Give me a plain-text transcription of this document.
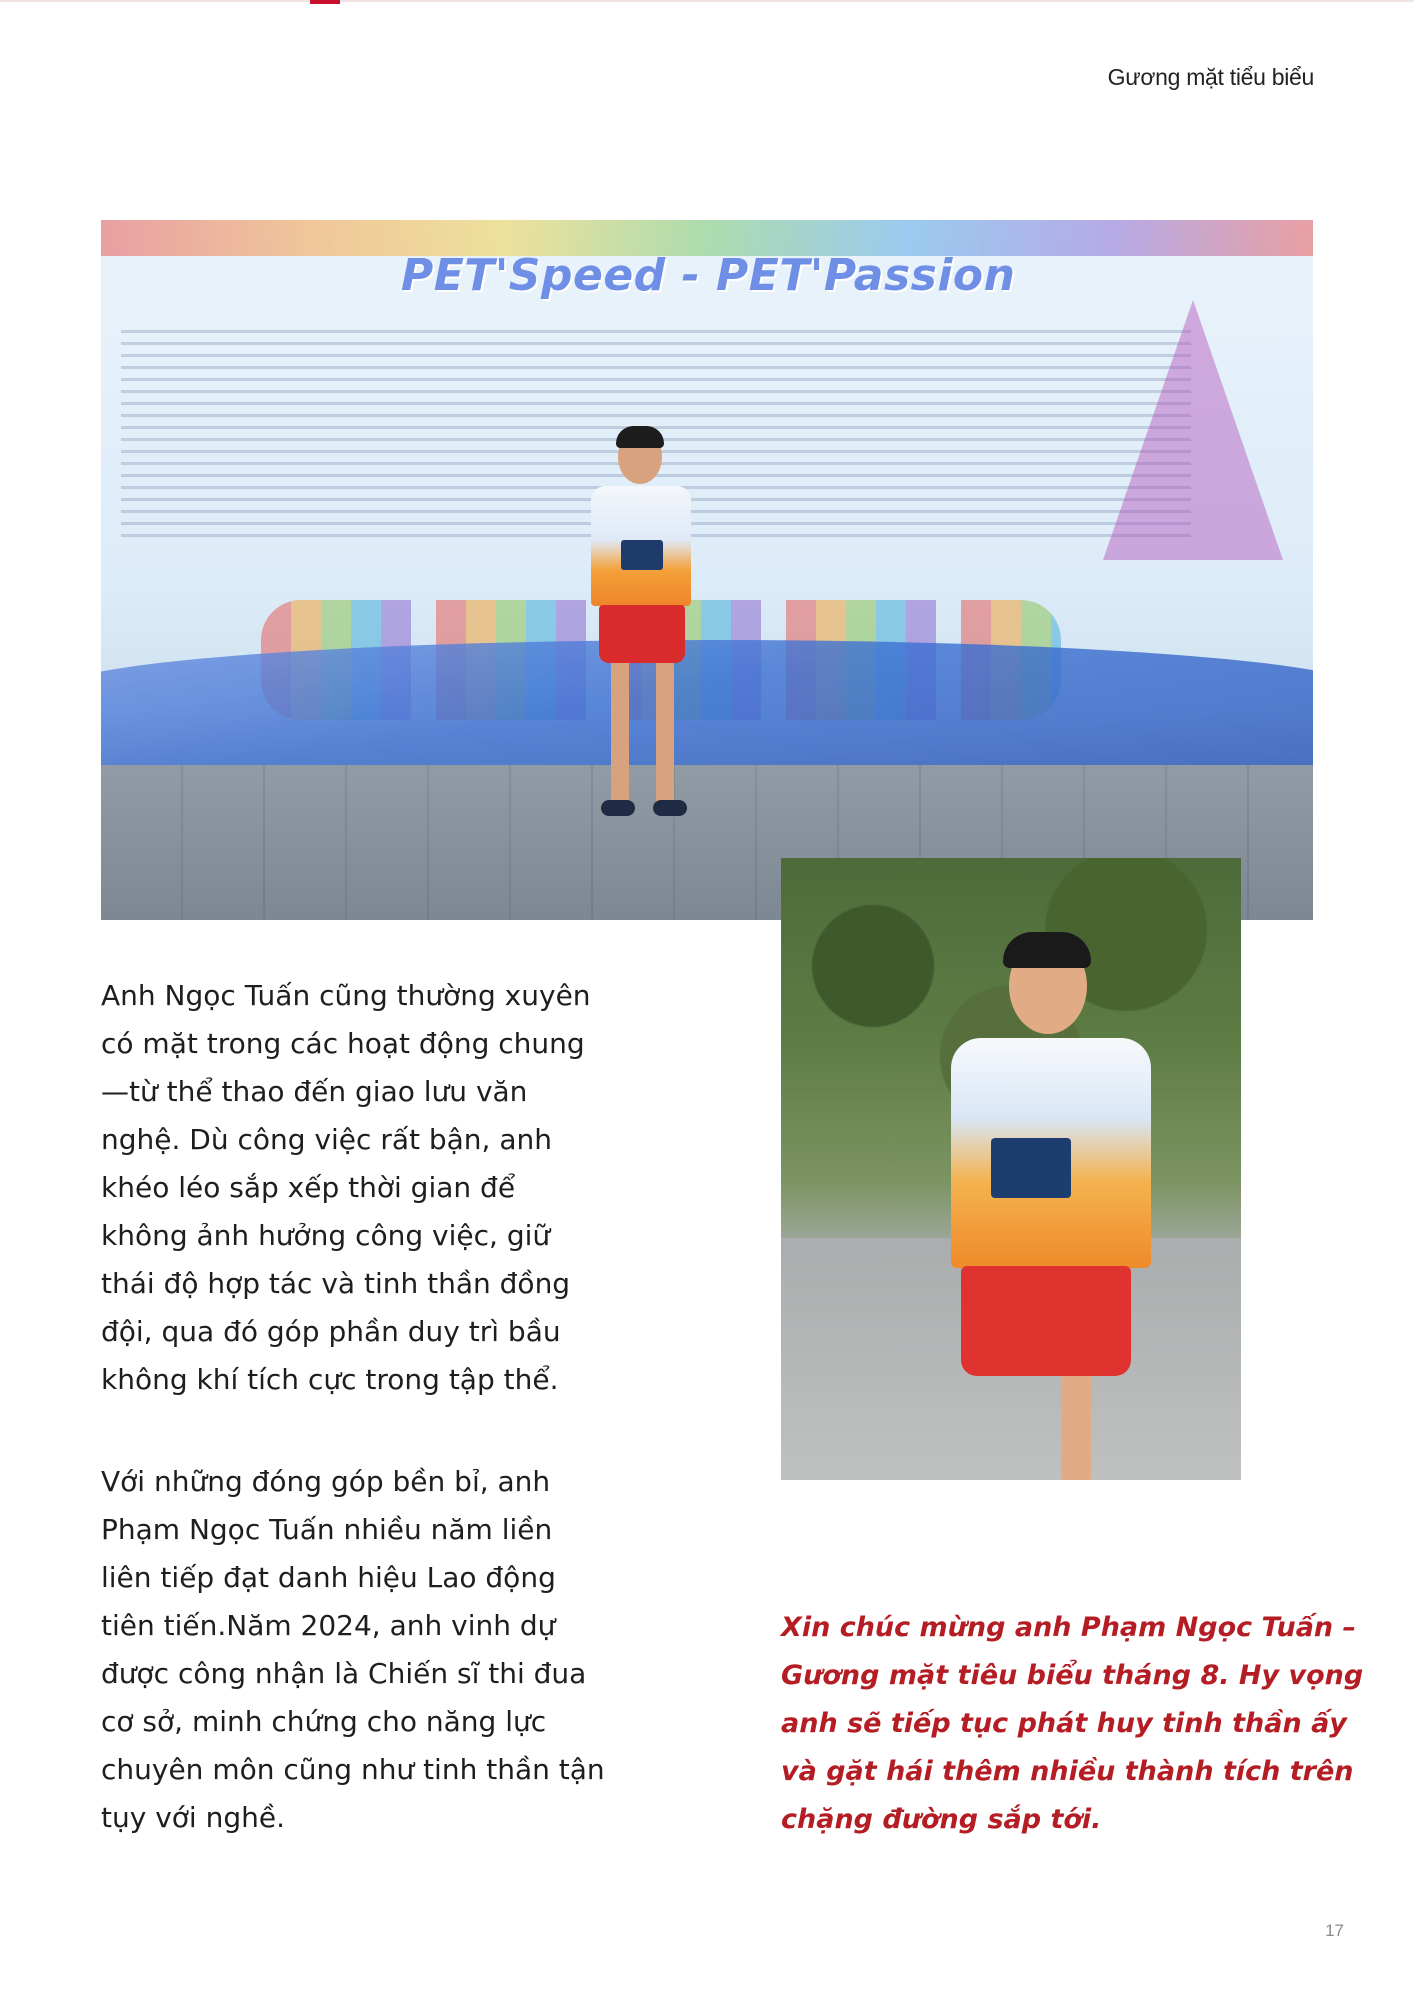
Gương mặt tiểu biểu
PET'Speed - PET'Passion
Anh Ngọc Tuấn cũng thường xuyên
có mặt trong các hoạt động chung
—từ thể thao đến giao lưu văn
nghệ. Dù công việc rất bận, anh
khéo léo sắp xếp thời gian để
không ảnh hưởng công việc, giữ
thái độ hợp tác và tinh thần đồng
đội, qua đó góp phần duy trì bầu
không khí tích cực trong tập thể.
Với những đóng góp bền bỉ, anh
Phạm Ngọc Tuấn nhiều năm liền
liên tiếp đạt danh hiệu Lao động
tiên tiến.Năm 2024, anh vinh dự
được công nhận là Chiến sĩ thi đua
cơ sở, minh chứng cho năng lực
chuyên môn cũng như tinh thần tận
tụy với nghề.
Xin chúc mừng anh Phạm Ngọc Tuấn –
Gương mặt tiêu biểu tháng 8. Hy vọng
anh sẽ tiếp tục phát huy tinh thần ấy
và gặt hái thêm nhiều thành tích trên
chặng đường sắp tới.
17
